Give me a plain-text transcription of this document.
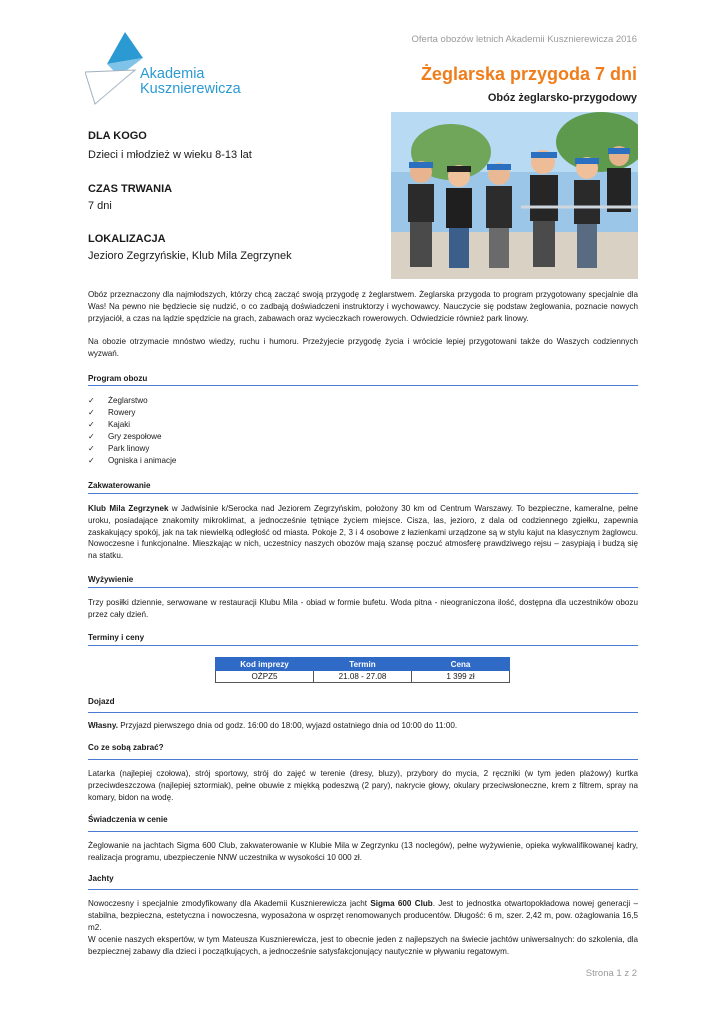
Oferta obozów letnich Akademii Kusznierewicza 2016
Akademia
Kusznierewicza
Żeglarska przygoda 7 dni
Obóz żeglarsko-przygodowy
DLA KOGO
Dzieci i młodzież w wieku 8-13 lat
CZAS TRWANIA
7 dni
LOKALIZACJA
Jezioro Zegrzyńskie, Klub Mila Zegrzynek
Obóz przeznaczony dla najmłodszych, którzy chcą zacząć swoją przygodę z żeglarstwem. Żeglarska przygoda to program przygotowany specjalnie dla Was! Na pewno nie będziecie się nudzić, o co zadbają doświadczeni instruktorzy i wychowawcy. Nauczycie się podstaw żeglowania, poznacie nowych przyjaciół, a czas na lądzie spędzicie na grach, zabawach oraz wycieczkach rowerowych. Odwiedzicie również park linowy.
Na obozie otrzymacie mnóstwo wiedzy, ruchu i humoru. Przeżyjecie przygodę życia i wrócicie lepiej przygotowani także do Waszych codziennych wyzwań.
Program obozu
✓ Żeglarstwo
✓ Rowery
✓ Kajaki
✓ Gry zespołowe
✓ Park linowy
✓ Ogniska i animacje
Zakwaterowanie
Klub Mila Zegrzynek w Jadwisinie k/Serocka nad Jeziorem Zegrzyńskim, położony 30 km od Centrum Warszawy. To bezpieczne, kameralne, pełne uroku, posiadające znakomity mikroklimat, a jednocześnie tętniące życiem miejsce. Cisza, las, jezioro, z dala od codziennego zgiełku, zapewnia zaskakujący spokój, jak na tak niewielką odległość od miasta. Pokoje 2, 3 i 4 osobowe z łazienkami urządzone są w stylu kajut na klasycznym żaglowcu. Nowoczesne i funkcjonalne. Mieszkając w nich, uczestnicy naszych obozów mają szansę poczuć atmosferę prawdziwego rejsu – zasypiają i budzą się na statku.
Wyżywienie
Trzy posiłki dziennie, serwowane w restauracji Klubu Mila - obiad w formie bufetu. Woda pitna - nieograniczona ilość, dostępna dla uczestników obozu przez cały dzień.
Terminy i ceny
Kod imprezy	Termin	Cena
OŻPZ5	21.08 - 27.08	1 399 zł
Dojazd
Własny. Przyjazd pierwszego dnia od godz. 16:00 do 18:00, wyjazd ostatniego dnia od 10:00 do 11:00.
Co ze sobą zabrać?
Latarka (najlepiej czołowa), strój sportowy, strój do zajęć w terenie (dresy, bluzy), przybory do mycia, 2 ręczniki (w tym jeden plażowy) kurtka przeciwdeszczowa (najlepiej sztormiak), pełne obuwie z miękką podeszwą (2 pary), nakrycie głowy, okulary przeciwsłoneczne, krem z filtrem, spray na komary, bidon na wodę.
Świadczenia w cenie
Żeglowanie na jachtach Sigma 600 Club, zakwaterowanie w Klubie Mila w Zegrzynku (13 noclegów), pełne wyżywienie, opieka wykwalifikowanej kadry, realizacja programu, ubezpieczenie NNW uczestnika w wysokości 10 000 zł.
Jachty
Nowoczesny i specjalnie zmodyfikowany dla Akademii Kusznierewicza jacht Sigma 600 Club. Jest to jednostka otwartopokładowa nowej generacji – stabilna, bezpieczna, estetyczna i nowoczesna, wyposażona w osprzęt renomowanych producentów. Długość: 6 m, szer. 2,42 m, pow. ożaglowania 16,5 m2.
W ocenie naszych ekspertów, w tym Mateusza Kusznierewicza, jest to obecnie jeden z najlepszych na świecie jachtów uniwersalnych: do szkolenia, dla bezpiecznej zabawy dla dzieci i początkujących, a jednocześnie satysfakcjonujący nautycznie w pływaniu regatowym.
Strona 1 z 2
